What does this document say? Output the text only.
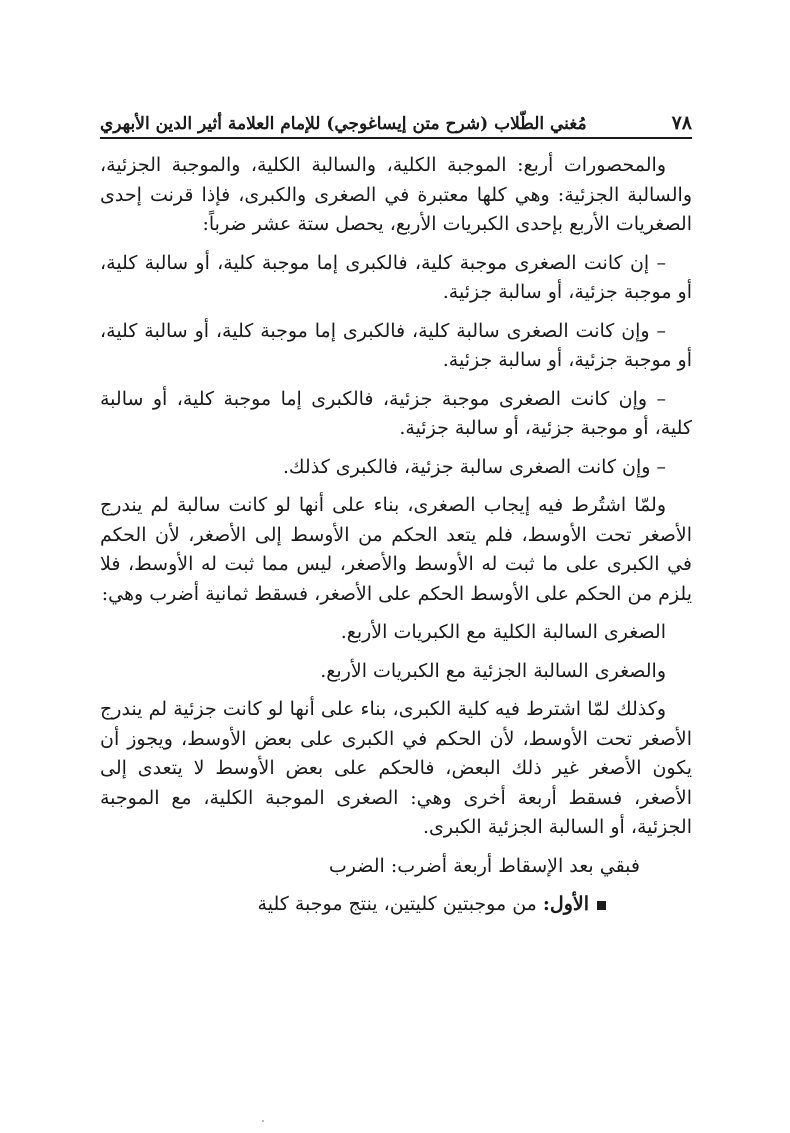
٧٨
مُغني الطّلاب (شرح متن إيساغوجي) للإمام العلامة أثير الدين الأبهري

والمحصورات أربع: الموجبة الكلية، والسالبة الكلية، والموجبة الجزئية، والسالبة الجزئية: وهي كلها معتبرة في الصغرى والكبرى، فإذا قرنت إحدى الصغريات الأربع بإحدى الكبريات الأربع، يحصل ستة عشر ضرباً:

– إن كانت الصغرى موجبة كلية، فالكبرى إما موجبة كلية، أو سالبة كلية، أو موجبة جزئية، أو سالبة جزئية.

– وإن كانت الصغرى سالبة كلية، فالكبرى إما موجبة كلية، أو سالبة كلية، أو موجبة جزئية، أو سالبة جزئية.

– وإن كانت الصغرى موجبة جزئية، فالكبرى إما موجبة كلية، أو سالبة كلية، أو موجبة جزئية، أو سالبة جزئية.

– وإن كانت الصغرى سالبة جزئية، فالكبرى كذلك.

ولمّا اشتُرط فيه إيجاب الصغرى، بناء على أنها لو كانت سالبة لم يندرج الأصغر تحت الأوسط، فلم يتعد الحكم من الأوسط إلى الأصغر، لأن الحكم في الكبرى على ما ثبت له الأوسط والأصغر، ليس مما ثبت له الأوسط، فلا يلزم من الحكم على الأوسط الحكم على الأصغر، فسقط ثمانية أضرب وهي:

الصغرى السالبة الكلية مع الكبريات الأربع.

والصغرى السالبة الجزئية مع الكبريات الأربع.

وكذلك لمّا اشترط فيه كلية الكبرى، بناء على أنها لو كانت جزئية لم يندرج الأصغر تحت الأوسط، لأن الحكم في الكبرى على بعض الأوسط، ويجوز أن يكون الأصغر غير ذلك البعض، فالحكم على بعض الأوسط لا يتعدى إلى الأصغر، فسقط أربعة أخرى وهي: الصغرى الموجبة الكلية، مع الموجبة الجزئية، أو السالبة الجزئية الكبرى.

فبقي بعد الإسقاط أربعة أضرب: الضرب

الأول: من موجبتين كليتين، ينتج موجبة كلية
